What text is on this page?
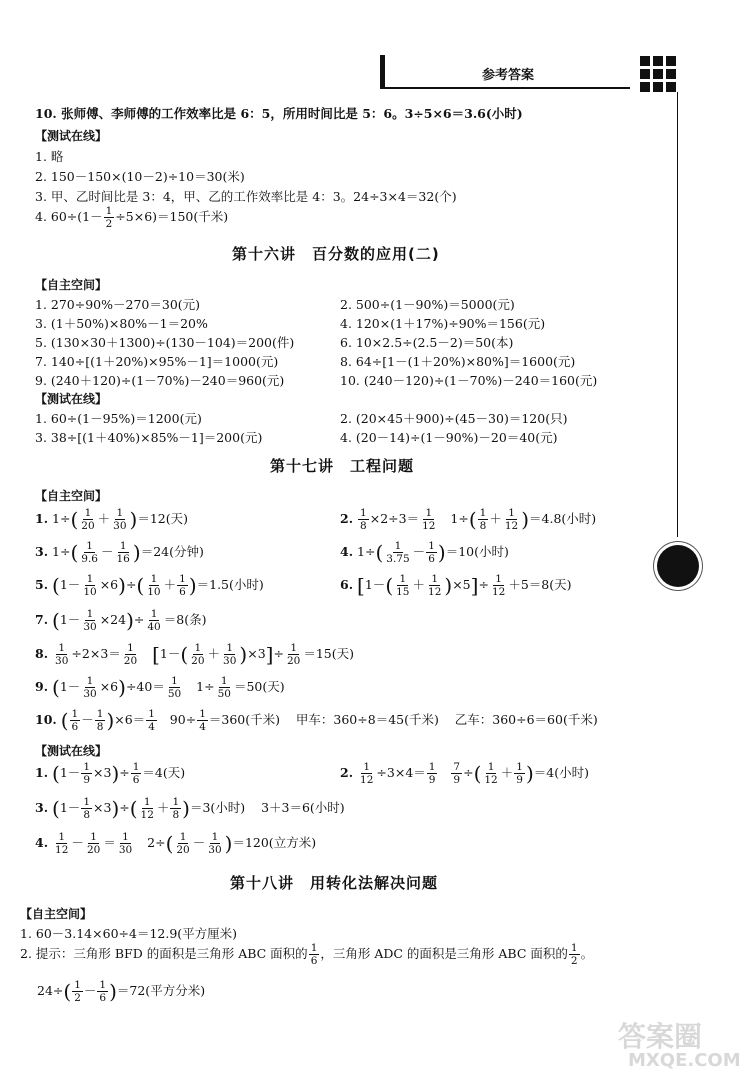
参考答案
10. 张师傅、李师傅的工作效率比是 6：5，所用时间比是 5：6。3÷5×6＝3.6(小时)
【测试在线】
1. 略
2. 150－150×(10－2)÷10＝30(米)
3. 甲、乙时间比是 3：4，甲、乙的工作效率比是 4：3。24÷3×4＝32(个)
4. $60\div(1- \frac{1}{2} \div 5\times 6)=150$(千米)
第十六讲　百分数的应用(二)
【自主空间】
1. 270÷90%－270＝30(元)	2. 500÷(1－90%)＝5000(元)
3. (1＋50%)×80%－1＝20%	4. 120×(1＋17%)÷90%＝156(元)
5. (130×30＋1300)÷(130－104)＝200(件)	6. 10×2.5÷(2.5－2)＝50(本)
7. 140÷[(1＋20%)×95%－1]＝1000(元)	8. 64÷[1－(1＋20%)×80%]＝1600(元)
9. (240＋120)÷(1－70%)－240＝960(元)	10. (240－120)÷(1－70%)－240＝160(元)
【测试在线】
1. 60÷(1－95%)＝1200(元)	2. (20×45＋900)÷(45－30)＝120(只)
3. 38÷[(1＋40%)×85%－1]＝200(元)	4. (20－14)÷(1－90%)－20＝40(元)
第十七讲　工程问题
【自主空间】
1. $1\div( \frac{1}{20} + \frac{1}{30} )=12$(天)	2. $\frac{1}{8} \times 2\div 3= \frac{1}{12} 1\div( \frac{1}{8} + \frac{1}{12} )=4.8$(小时)
3. $1\div( \frac{1}{9.6} - \frac{1}{16} )=24$(分钟)	4. $1\div( \frac{1}{3.75} - \frac{1}{6} )=10$(小时)
5. $(1- \frac{1}{10} \times 6)\div( \frac{1}{10} + \frac{1}{6} )=1.5$(小时)	6. $[1-( \frac{1}{15} + \frac{1}{12} )\times 5]\div \frac{1}{12} +5=8$(天)
7. $(1- \frac{1}{30} \times 24)\div \frac{1}{40} =8$(条)
8. $\frac{1}{30} \div 2\times 3= \frac{1}{20} [1-( \frac{1}{20} + \frac{1}{30} )\times 3]\div \frac{1}{20} =15$(天)
9. $(1- \frac{1}{30} \times 6)\div 40= \frac{1}{50} 1\div \frac{1}{50} =50$(天)
10. ( $\frac{1}{6} - \frac{1}{8} )\times 6= \frac{1}{4} 90\div \frac{1}{4} =360$(千米) 甲车：360÷8＝45(千米) 乙车：360÷6＝60(千米)
【测试在线】
1. $(1- \frac{1}{9} \times 3)\div \frac{1}{6} =4$(天)	2. $\frac{1}{12} \div 3\times 4= \frac{1}{9}$
$\frac{7}{9}$ ÷( $\frac{1}{12} + \frac{1}{9} )=4$(小时)
3. $(1- \frac{1}{8} \times 3)\div( \frac{1}{12} + \frac{1}{8} )=3$(小时) 3＋3＝6(小时)
4. $\frac{1}{12} - \frac{1}{20} = \frac{1}{30} 2\div( \frac{1}{20} - \frac{1}{30} )=120$(立方米)
第十八讲　用转化法解决问题
【自主空间】
1. 60－3.14×60÷4＝12.9(平方厘米)
2. 提示：三角形 BFD 的面积是三角形 ABC 面积的 $\frac{1}{6}$ ，三角形 ADC 的面积是三角形 ABC 面积的 $\frac{1}{2}$ 。
$24\div( \frac{1}{2} - \frac{1}{6} )=72$(平方分米)
答案圈
MXQE.COM
